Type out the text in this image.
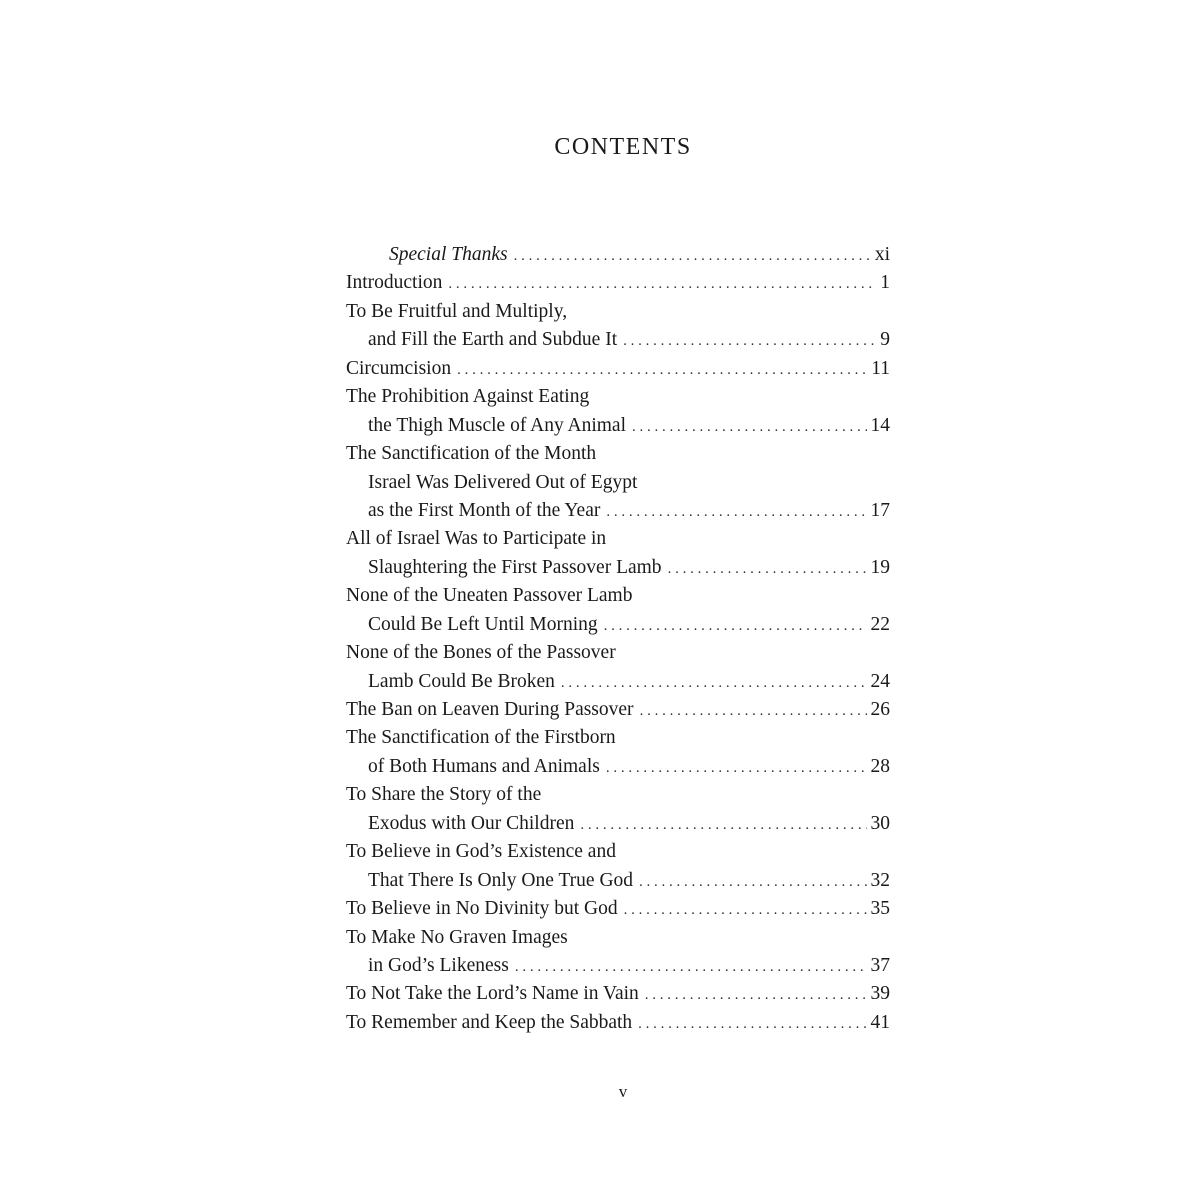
CONTENTS
Special Thanks . . .	xi
Introduction . . .	1
To Be Fruitful and Multiply,
and Fill the Earth and Subdue It . . .	9
Circumcision . . .	11
The Prohibition Against Eating
the Thigh Muscle of Any Animal . . .	14
The Sanctification of the Month
Israel Was Delivered Out of Egypt
as the First Month of the Year . . .	17
All of Israel Was to Participate in
Slaughtering the First Passover Lamb . . .	19
None of the Uneaten Passover Lamb
Could Be Left Until Morning . . .	22
None of the Bones of the Passover
Lamb Could Be Broken . . .	24
The Ban on Leaven During Passover . . .	26
The Sanctification of the Firstborn
of Both Humans and Animals . . .	28
To Share the Story of the
Exodus with Our Children . . .	30
To Believe in God’s Existence and
That There Is Only One True God . . .	32
To Believe in No Divinity but God . . .	35
To Make No Graven Images
in God’s Likeness . . .	37
To Not Take the Lord’s Name in Vain . . .	39
To Remember and Keep the Sabbath . . .	41
v
